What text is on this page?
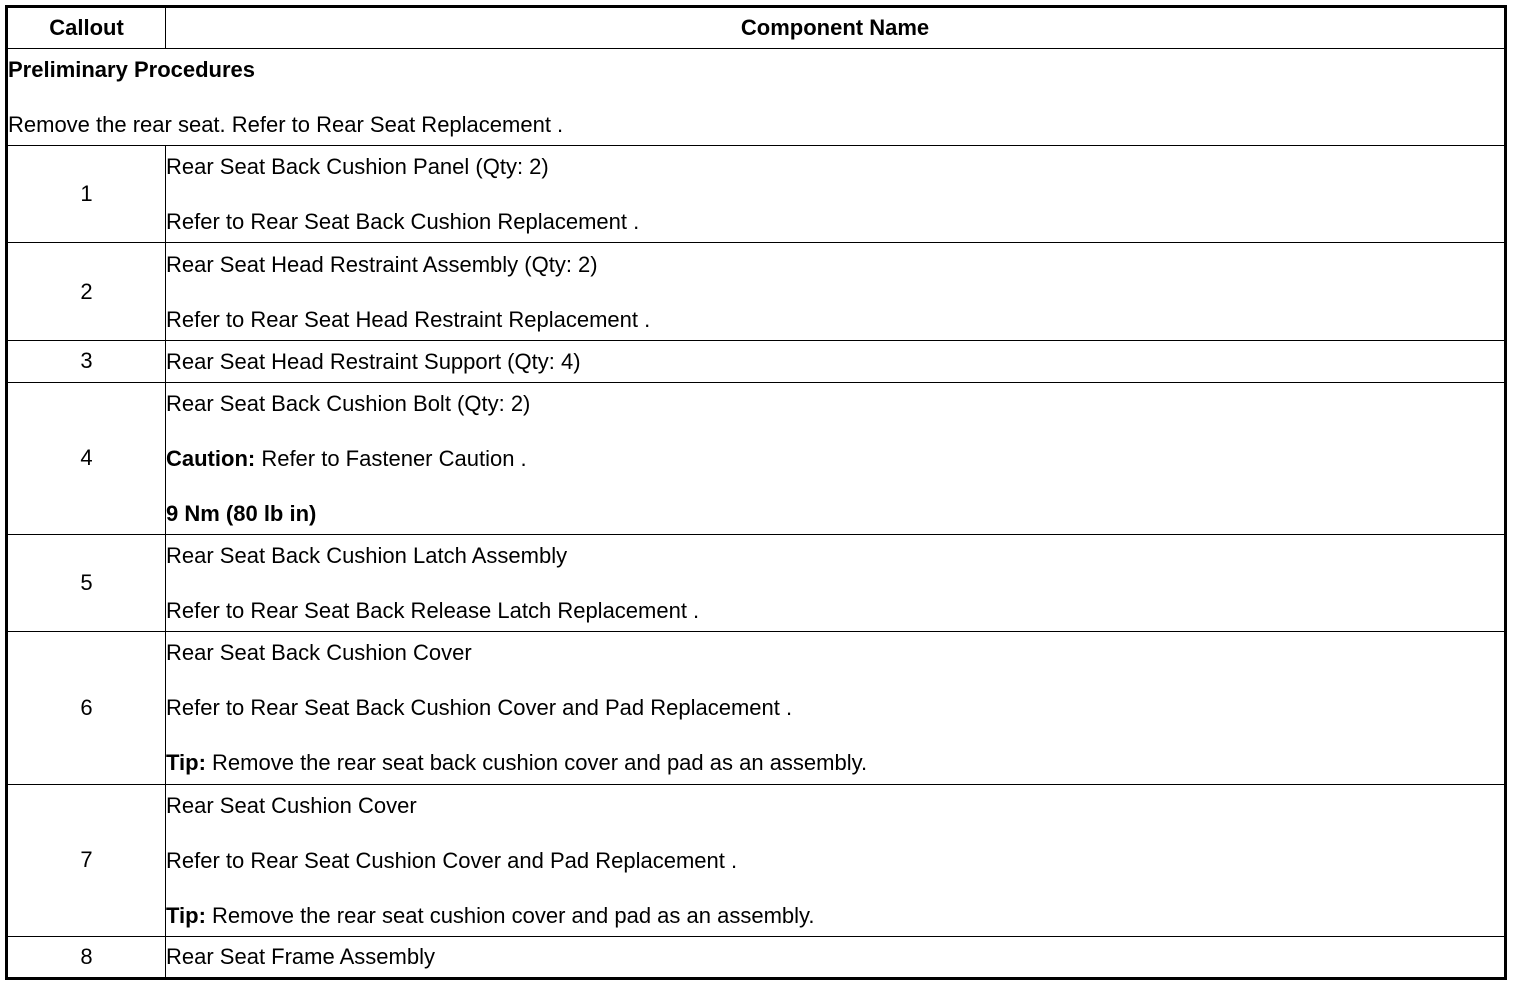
Callout	Component Name

Preliminary Procedures
Remove the rear seat. Refer to Rear Seat Replacement .	

1	Rear Seat Back Cushion Panel (Qty: 2)
Refer to Rear Seat Back Cushion Replacement .

2	Rear Seat Head Restraint Assembly (Qty: 2)
Refer to Rear Seat Head Restraint Replacement .

3	Rear Seat Head Restraint Support (Qty: 4)

4	Rear Seat Back Cushion Bolt (Qty: 2)
Caution: Refer to Fastener Caution .
9 Nm (80 lb in)

5	Rear Seat Back Cushion Latch Assembly
Refer to Rear Seat Back Release Latch Replacement .

6	Rear Seat Back Cushion Cover
Refer to Rear Seat Back Cushion Cover and Pad Replacement .
Tip: Remove the rear seat back cushion cover and pad as an assembly.

7	Rear Seat Cushion Cover
Refer to Rear Seat Cushion Cover and Pad Replacement .
Tip: Remove the rear seat cushion cover and pad as an assembly.

8	Rear Seat Frame Assembly
